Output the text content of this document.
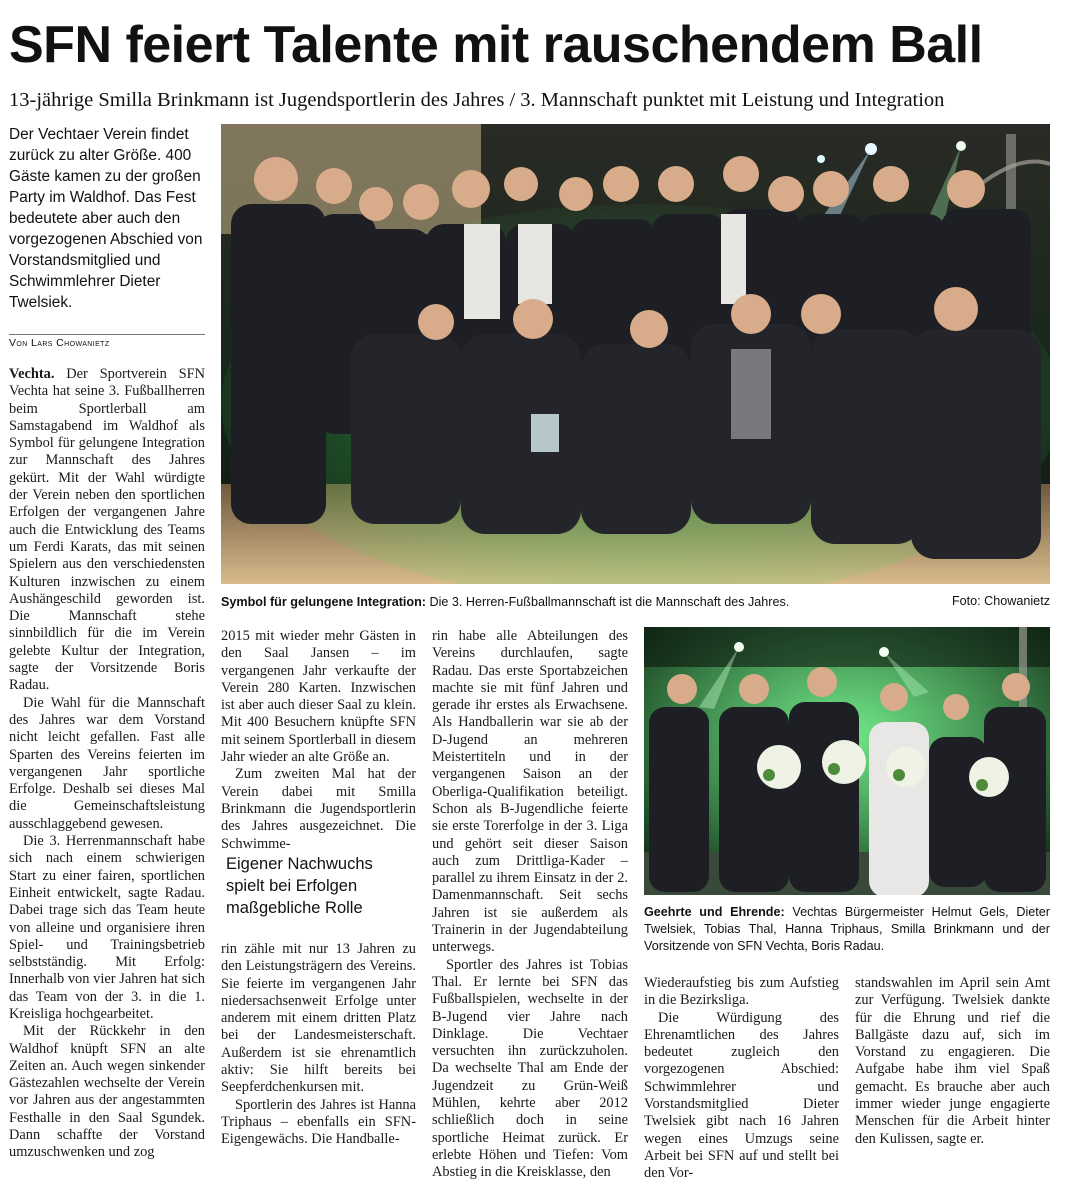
SFN feiert Talente mit rauschendem Ball
13-jährige Smilla Brinkmann ist Jugendsportlerin des Jahres / 3. Mannschaft punktet mit Leistung und Integration
Der Vechtaer Verein findet zurück zu alter Größe. 400 Gäste kamen zu der großen Party im Waldhof. Das Fest bedeutete aber auch den vorgezogenen Abschied von Vorstandsmitglied und Schwimmlehrer Dieter Twelsiek.
Von Lars Chowanietz
Symbol für gelungene Integration: Die 3. Herren-Fußballmannschaft ist die Mannschaft des Jahres.	Foto: Chowanietz

Vechta. Der Sportverein SFN Vechta hat seine 3. Fußballherren beim Sportlerball am Samstagabend im Waldhof als Symbol für gelungene Integration zur Mannschaft des Jahres gekürt. Mit der Wahl würdigte der Verein neben den sportlichen Erfolgen der vergangenen Jahre auch die Entwicklung des Teams um Ferdi Karats, das mit seinen Spielern aus den verschiedensten Kulturen inzwischen zu einem Aushängeschild geworden ist. Die Mannschaft stehe sinnbildlich für die im Verein gelebte Kultur der Integration, sagte der Vorsitzende Boris Radau.

Die Wahl für die Mannschaft des Jahres war dem Vorstand nicht leicht gefallen. Fast alle Sparten des Vereins feierten im vergangenen Jahr sportliche Erfolge. Deshalb sei dieses Mal die Gemeinschaftsleistung ausschlaggebend gewesen.

Die 3. Herrenmannschaft habe sich nach einem schwierigen Start zu einer fairen, sportlichen Einheit entwickelt, sagte Radau. Dabei trage sich das Team heute von alleine und organisiere ihren Spiel- und Trainingsbetrieb selbstständig. Mit Erfolg: Innerhalb von vier Jahren hat sich das Team von der 3. in die 1. Kreisliga hochgearbeitet.

Mit der Rückkehr in den Waldhof knüpft SFN an alte Zeiten an. Auch wegen sinkender Gästezahlen wechselte der Verein vor Jahren aus der angestammten Festhalle in den Saal Sgundek. Dann schaffte der Vorstand umzuschwenken und zog

2015 mit wieder mehr Gästen in den Saal Jansen – im vergangenen Jahr verkaufte der Verein 280 Karten. Inzwischen ist aber auch dieser Saal zu klein. Mit 400 Besuchern knüpfte SFN mit seinem Sportlerball in diesem Jahr wieder an alte Größe an.

Zum zweiten Mal hat der Verein dabei mit Smilla Brinkmann die Jugendsportlerin des Jahres ausgezeichnet. Die Schwimme-

Eigener Nachwuchs spielt bei Erfolgen maßgebliche Rolle

rin zähle mit nur 13 Jahren zu den Leistungsträgern des Vereins. Sie feierte im vergangenen Jahr niedersachsenweit Erfolge unter anderem mit einem dritten Platz bei der Landesmeisterschaft. Außerdem ist sie ehrenamtlich aktiv: Sie hilft bereits bei Seepferdchenkursen mit.

Sportlerin des Jahres ist Hanna Triphaus – ebenfalls ein SFN-Eigengewächs. Die Handballe-

rin habe alle Abteilungen des Vereins durchlaufen, sagte Radau. Das erste Sportabzeichen machte sie mit fünf Jahren und gerade ihr erstes als Erwachsene. Als Handballerin war sie ab der D-Jugend an mehreren Meistertiteln und in der vergangenen Saison an der Oberliga-Qualifikation beteiligt. Schon als B-Jugendliche feierte sie erste Torerfolge in der 3. Liga und gehört seit dieser Saison auch zum Drittliga-Kader – parallel zu ihrem Einsatz in der 2. Damenmannschaft. Seit sechs Jahren ist sie außerdem als Trainerin in der Jugendabteilung unterwegs.

Sportler des Jahres ist Tobias Thal. Er lernte bei SFN das Fußballspielen, wechselte in der B-Jugend vier Jahre nach Dinklage. Die Vechtaer versuchten ihn zurückzuholen. Da wechselte Thal am Ende der Jugendzeit zu Grün-Weiß Mühlen, kehrte aber 2012 schließlich doch in seine sportliche Heimat zurück. Er erlebte Höhen und Tiefen: Vom Abstieg in die Kreisklasse, den

Geehrte und Ehrende: Vechtas Bürgermeister Helmut Gels, Dieter Twelsiek, Tobias Thal, Hanna Triphaus, Smilla Brinkmann und der Vorsitzende von SFN Vechta, Boris Radau.

Wiederaufstieg bis zum Aufstieg in die Bezirksliga.

Die Würdigung des Ehrenamtlichen des Jahres bedeutet zugleich den vorgezogenen Abschied: Schwimmlehrer und Vorstandsmitglied Dieter Twelsiek gibt nach 16 Jahren wegen eines Umzugs seine Arbeit bei SFN auf und stellt bei den Vor-

standswahlen im April sein Amt zur Verfügung. Twelsiek dankte für die Ehrung und rief die Ballgäste dazu auf, sich im Vorstand zu engagieren. Die Aufgabe habe ihm viel Spaß gemacht. Es brauche aber auch immer wieder junge engagierte Menschen für die Arbeit hinter den Kulissen, sagte er.
